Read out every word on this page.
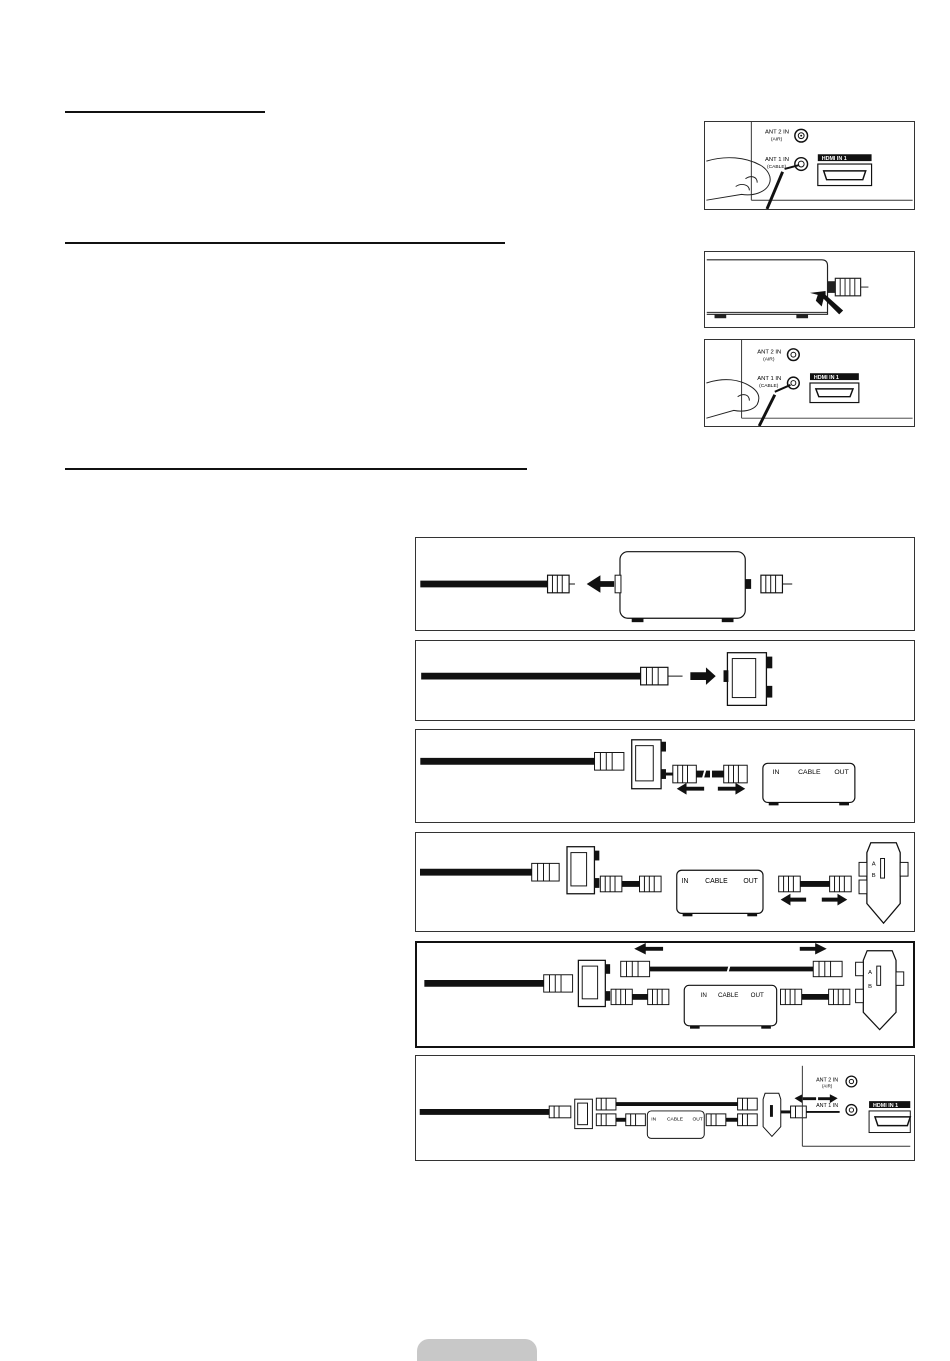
ANT 2 IN
(AIR)
ANT 1 IN
(CABLE)
HDMI IN 1
ANT 2 IN
(AIR)
ANT 1 IN
(CABLE)
HDMI IN 1
IN	CABLE OUT
IN CABLE OUT
A
B
IN CABLE OUT
A
B
IN CABLE OUT
ANT 2 IN
(AIR)
ANT 1 IN	HDMI IN 1
